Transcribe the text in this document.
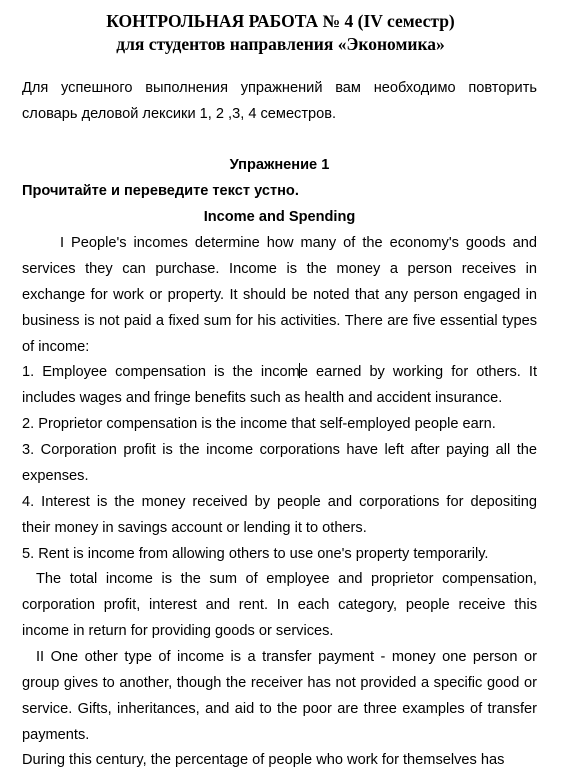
КОНТРОЛЬНАЯ РАБОТА № 4 (IV семестр)
для студентов направления «Экономика»

Для успешного выполнения упражнений вам необходимо повторить словарь деловой лексики 1, 2 ,3, 4 семестров.

Упражнение 1

Прочитайте и переведите текст устно.

Income and Spending

I People's incomes determine how many of the economy's goods and services they can purchase. Income is the money a person receives in exchange for work or property. It should be noted that any person engaged in business is not paid a fixed sum for his activities. There are five essential types of income:

1. Employee compensation is the income earned by working for others. It includes wages and fringe benefits such as health and accident insurance.

2. Proprietor compensation is the income that self-employed people earn.

3. Corporation profit is the income corporations have left after paying all the expenses.

4. Interest is the money received by people and corporations for depositing their money in savings account or lending it to others.

5. Rent is income from allowing others to use one's property temporarily.

The total income is the sum of employee and proprietor compensation, corporation profit, interest and rent. In each category, people receive this income in return for providing goods or services.

II One other type of income is a transfer payment - money one person or group gives to another, though the receiver has not provided a specific good or service. Gifts, inheritances, and aid to the poor are three examples of transfer payments.

During this century, the percentage of people who work for themselves has
